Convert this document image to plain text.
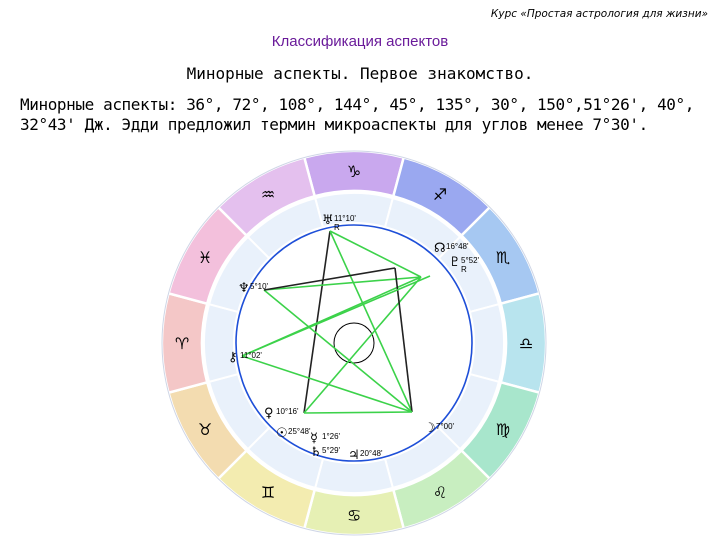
Курс «Простая астрология для жизни»
Классификация аспектов
Минорные аспекты. Первое знакомство.
Минорные аспекты: 36°, 72°, 108°, 144°, 45°, 135°, 30°, 150°,51°26', 40°, 32°43' Дж. Эдди предложил термин микроаспекты для углов менее 7°30'.
♑
♐
♏
♎
♍
♌
♋
♊
♉
♈
♓
♒
♅ 11°10'
R
☊ 16°48'
♇ 5°52'
R
♆ 5°10'
⚷ 11°02'
♀ 10°16'
☉ 25°48' ☿ 1°26'
♄ 5°29' ♃ 20°48'
☽ 7°00'
